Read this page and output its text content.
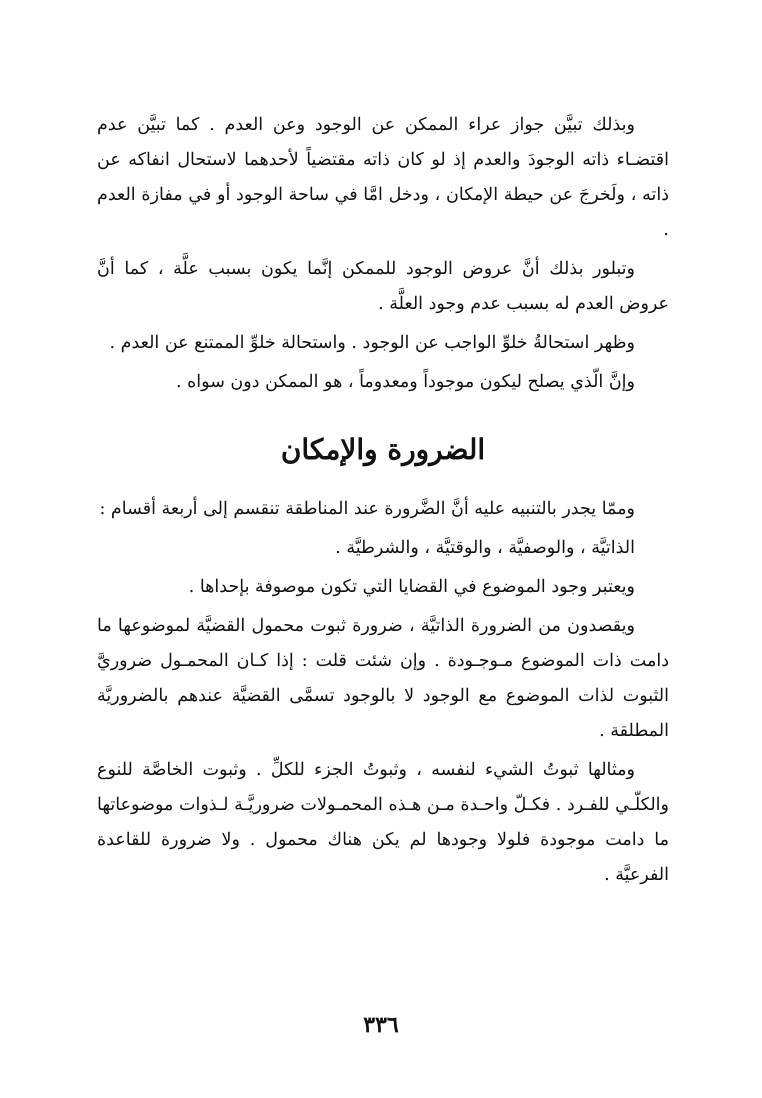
وبذلك تبيَّن جواز عراء الممكن عن الوجود وعن العدم . كما تبيَّن عدم اقتضـاء ذاته الوجودَ والعدم إذ لو كان ذاته مقتضياً لأحدهما لاستحال انفاكه عن ذاته ، ولَخرجَ عن حيطة الإمكان ، ودخل امَّا في ساحة الوجود أو في مفازة العدم .

وتبلور بذلك أنَّ عروض الوجود للممكن إنَّما يكون بسبب علَّة ، كما أنَّ عروض العدم له بسبب عدم وجود العلَّة .

وظهر استحالةُ خلوِّ الواجب عن الوجود . واستحالة خلوِّ الممتنع عن العدم .

وإنَّ الّذي يصلح ليكون موجوداً ومعدوماً ، هو الممكن دون سواه .

الضرورة والإمكان

وممّا يجدر بالتنبيه عليه أنَّ الضَّرورة عند المناطقة تنقسم إلى أربعة أقسام :

الذاتيَّة ، والوصفيَّة ، والوقتيَّة ، والشرطيَّة .

ويعتبر وجود الموضوع في القضايا التي تكون موصوفة بإحداها .

ويقصدون من الضرورة الذاتيَّة ، ضرورة ثبوت محمول القضيَّة لموضوعها ما دامت ذات الموضوع مـوجـودة . وإن شئت قلت : إذا كـان المحمـول ضروريَّ الثبوت لذات الموضوع مع الوجود لا بالوجود تسمَّى القضيَّة عندهم بالضروريَّة المطلقة .

ومثالها ثبوتُ الشيء لنفسه ، وثبوتُ الجزء للكلِّ . وثبوت الخاصَّة للنوع والكلّـي للفـرد . فكـلّ واحـدة مـن هـذه المحمـولات ضروريَّـة لـذوات موضوعاتها ما دامت موجودة فلولا وجودها لم يكن هناك محمول . ولا ضرورة للقاعدة الفرعيَّة .

٣٣٦
